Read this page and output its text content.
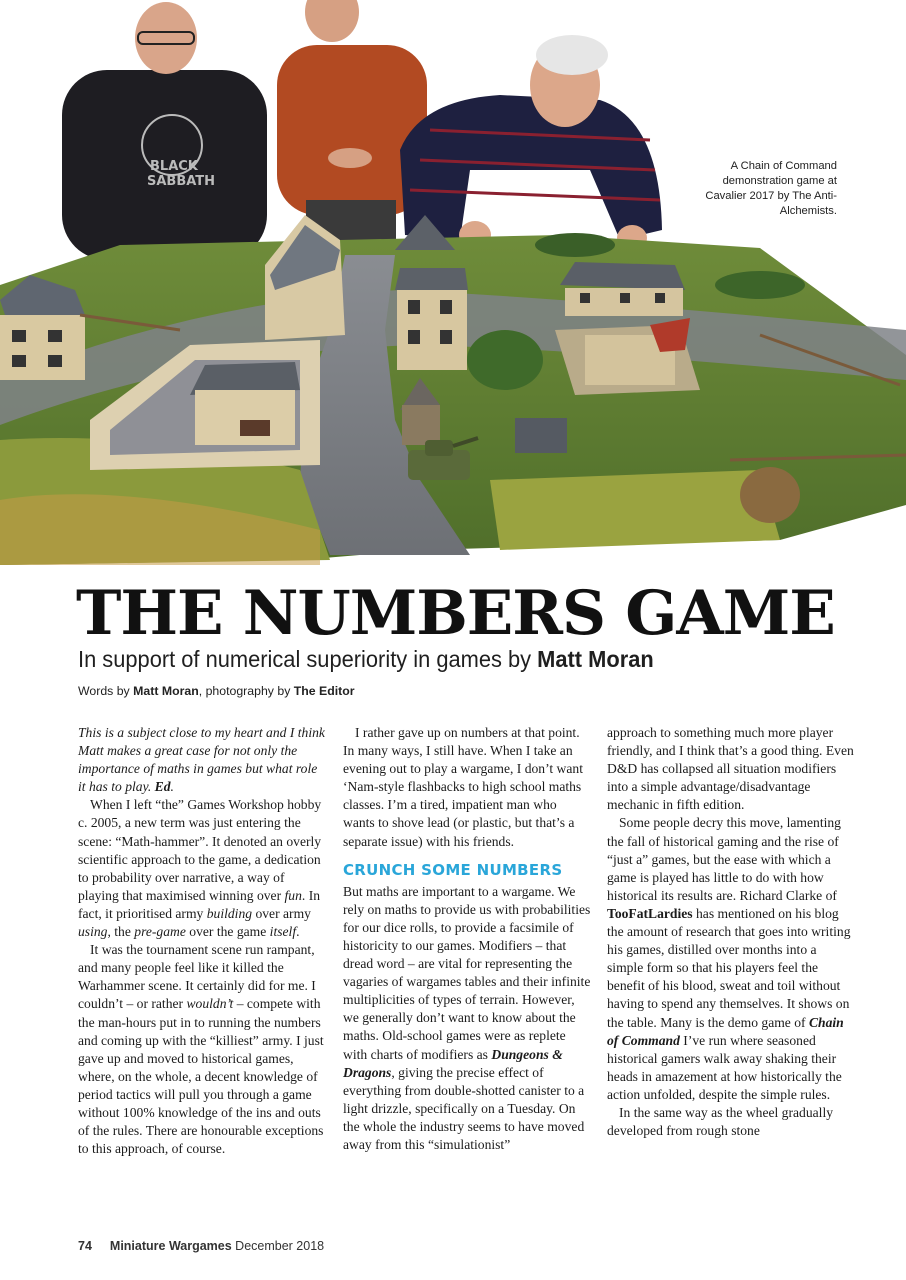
BLACK
SABBATH
A Chain of Command demonstration game at Cavalier 2017 by The Anti-Alchemists.
THE NUMBERS GAME
In support of numerical superiority in games by Matt Moran
Words by Matt Moran, photography by The Editor

This is a subject close to my heart and I think Matt makes a great case for not only the importance of maths in games but what role it has to play. Ed.

When I left “the” Games Workshop hobby c. 2005, a new term was just entering the scene: “Math-hammer”. It denoted an overly scientific approach to the game, a dedication to probability over narrative, a way of playing that maximised winning over fun. In fact, it prioritised army building over army using, the pre-game over the game itself.

It was the tournament scene run rampant, and many people feel like it killed the Warhammer scene. It certainly did for me. I couldn’t – or rather wouldn’t – compete with the man-hours put in to running the numbers and coming up with the “killiest” army. I just gave up and moved to historical games, where, on the whole, a decent knowledge of period tactics will pull you through a game without 100% knowledge of the ins and outs of the rules. There are honourable exceptions to this approach, of course.

I rather gave up on numbers at that point. In many ways, I still have. When I take an evening out to play a wargame, I don’t want ‘Nam-style flashbacks to high school maths classes. I’m a tired, impatient man who wants to shove lead (or plastic, but that’s a separate issue) with his friends.

CRUNCH SOME NUMBERS

But maths are important to a wargame. We rely on maths to provide us with probabilities for our dice rolls, to provide a facsimile of historicity to our games. Modifiers – that dread word – are vital for representing the vagaries of wargames tables and their infinite multiplicities of types of terrain. However, we generally don’t want to know about the maths. Old-school games were as replete with charts of modifiers as Dungeons & Dragons, giving the precise effect of everything from double-shotted canister to a light drizzle, specifically on a Tuesday. On the whole the industry seems to have moved away from this “simulationist”

approach to something much more player friendly, and I think that’s a good thing. Even D&D has collapsed all situation modifiers into a simple advantage/disadvantage mechanic in fifth edition.

Some people decry this move, lamenting the fall of historical gaming and the rise of “just a” games, but the ease with which a game is played has little to do with how historical its results are. Richard Clarke of TooFatLardies has mentioned on his blog the amount of research that goes into writing his games, distilled over months into a simple form so that his players feel the benefit of his blood, sweat and toil without having to spend any themselves. It shows on the table. Many is the demo game of Chain of Command I’ve run where seasoned historical gamers walk away shaking their heads in amazement at how historically the action unfolded, despite the simple rules.

In the same way as the wheel gradually developed from rough stone

74 Miniature Wargames December 2018
